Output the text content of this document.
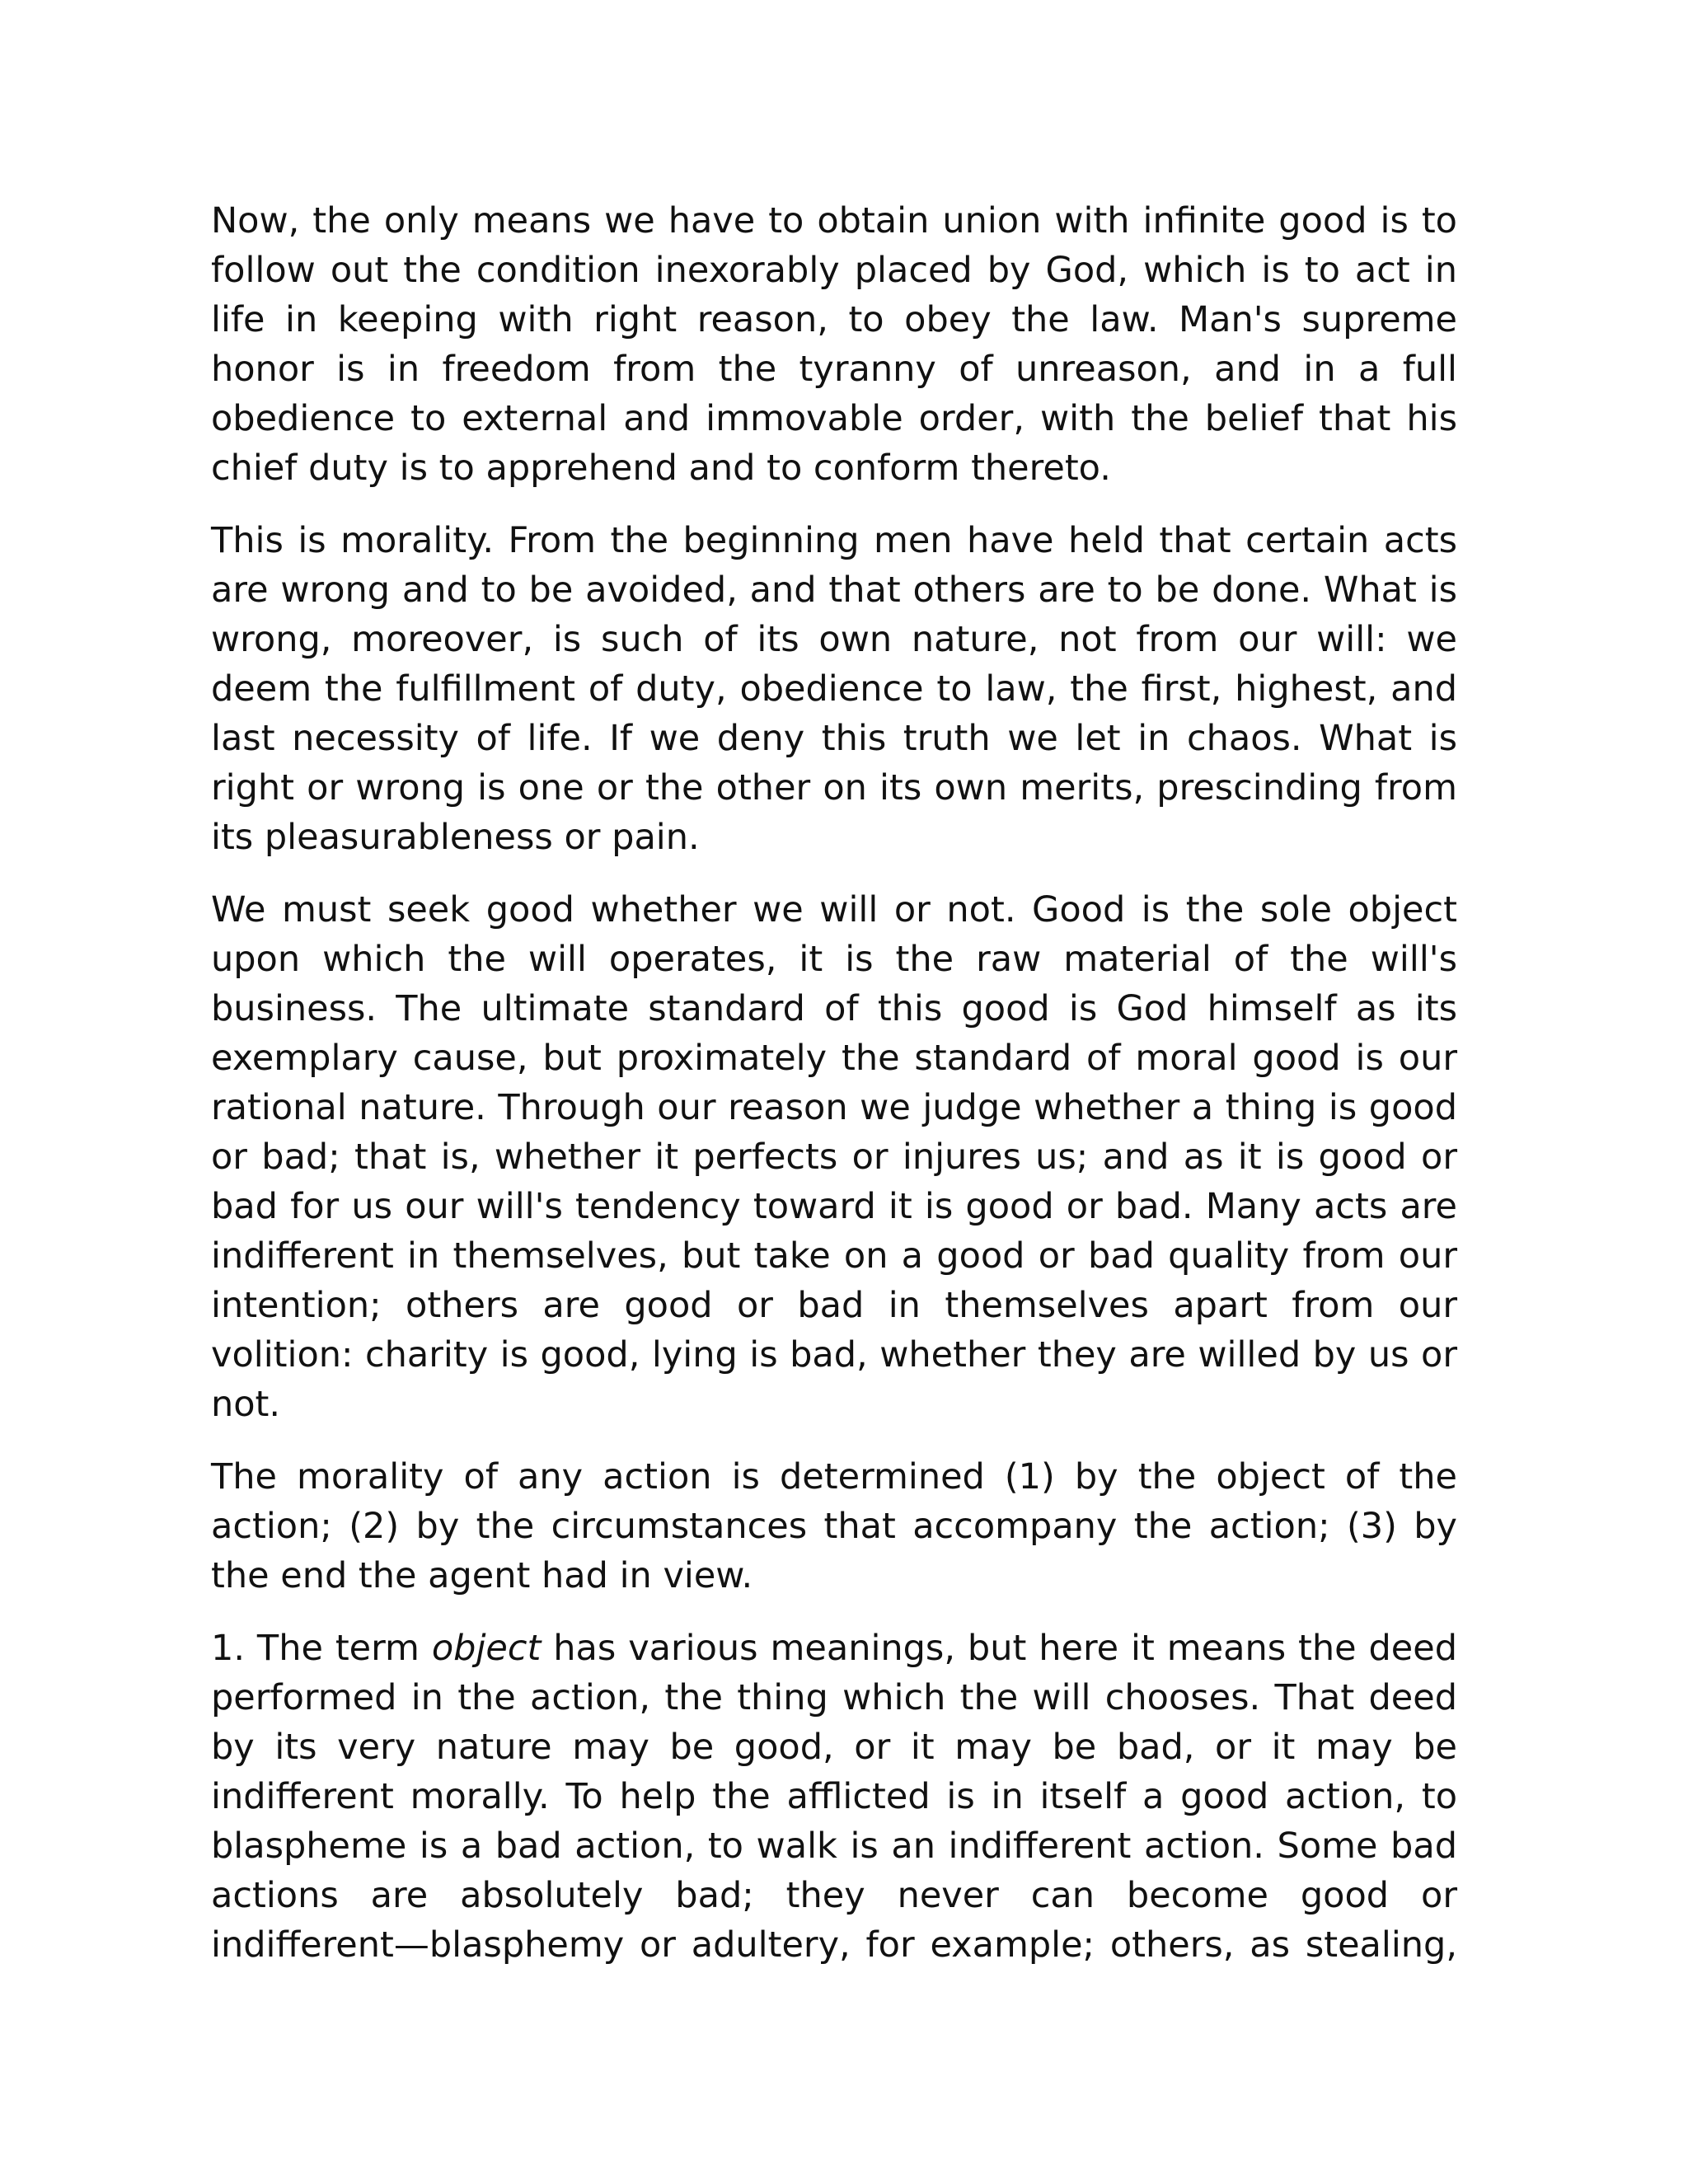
Now, the only means we have to obtain union with infinite good is to follow out the condition inexorably placed by God, which is to act in life in keeping with right reason, to obey the law. Man's supreme honor is in freedom from the tyranny of unreason, and in a full obedience to external and immovable order, with the belief that his chief duty is to apprehend and to conform thereto.

This is morality. From the beginning men have held that certain acts are wrong and to be avoided, and that others are to be done. What is wrong, moreover, is such of its own nature, not from our will: we deem the fulfillment of duty, obedience to law, the first, highest, and last necessity of life. If we deny this truth we let in chaos. What is right or wrong is one or the other on its own merits, prescinding from its pleasurableness or pain.

We must seek good whether we will or not. Good is the sole object upon which the will operates, it is the raw material of the will's business. The ultimate standard of this good is God himself as its exemplary cause, but proximately the standard of moral good is our rational nature. Through our reason we judge whether a thing is good or bad; that is, whether it perfects or injures us; and as it is good or bad for us our will's tendency toward it is good or bad. Many acts are indifferent in themselves, but take on a good or bad quality from our intention; others are good or bad in themselves apart from our volition: charity is good, lying is bad, whether they are willed by us or not.

The morality of any action is determined (1) by the object of the action; (2) by the circumstances that accompany the action; (3) by the end the agent had in view.

1. The term object has various meanings, but here it means the deed performed in the action, the thing which the will chooses. That deed by its very nature may be good, or it may be bad, or it may be indifferent morally. To help the afflicted is in itself a good action, to blaspheme is a bad action, to walk is an indifferent action. Some bad actions are absolutely bad; they never can become good or indifferent—blasphemy or adultery, for example; others, as stealing,
